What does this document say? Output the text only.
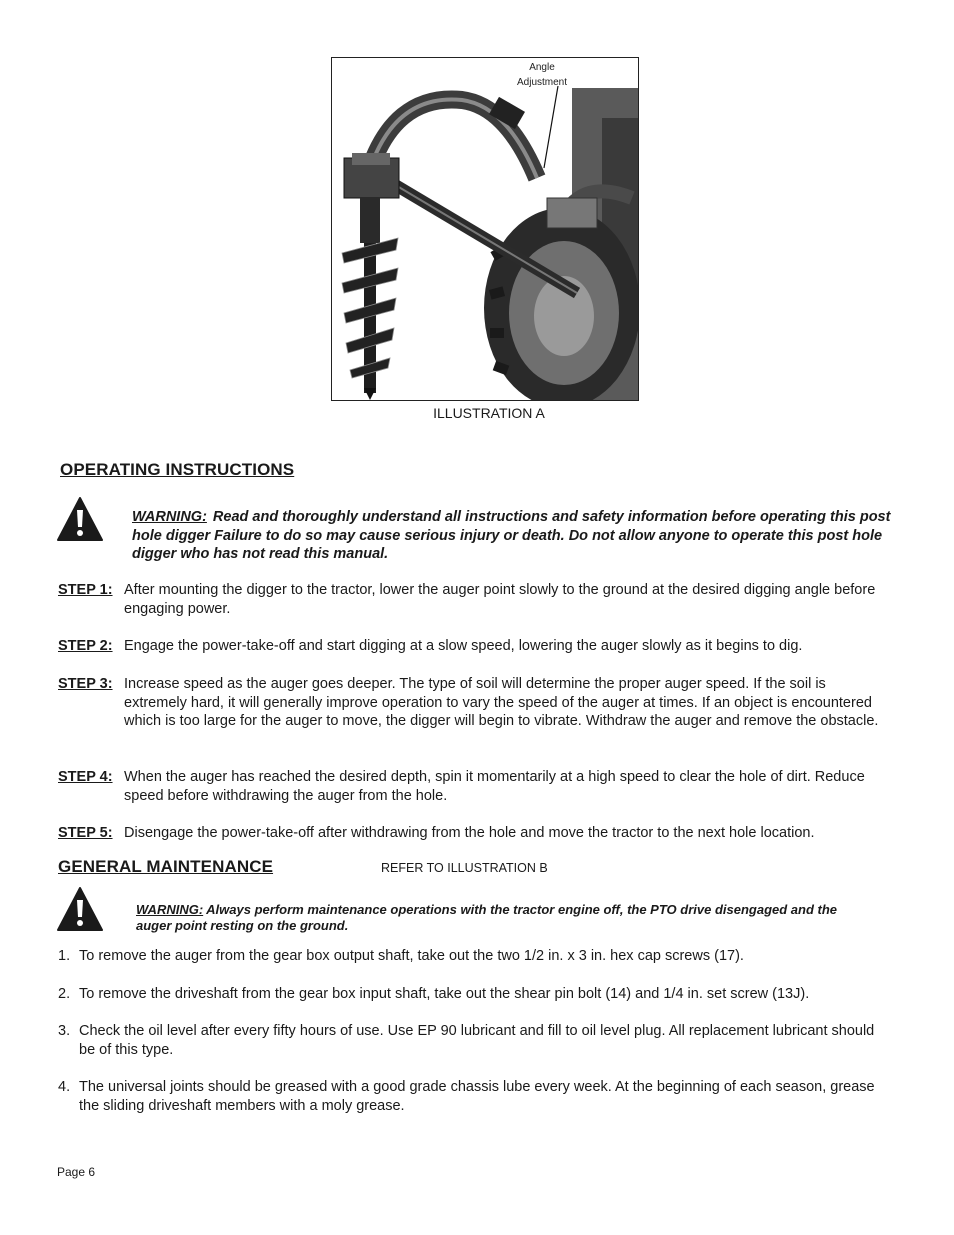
Angle
Adjustment
ILLUSTRATION A
OPERATING INSTRUCTIONS
WARNING: Read and thoroughly understand all instructions and safety information before operating this post hole digger Failure to do so may cause serious injury or death. Do not allow anyone to operate this post hole digger who has not read this manual.
STEP 1: After mounting the digger to the tractor, lower the auger point slowly to the ground at the desired digging angle before engaging power.
STEP 2: Engage the power-take-off and start digging at a slow speed, lowering the auger slowly as it begins to dig.
STEP 3: Increase speed as the auger goes deeper. The type of soil will determine the proper auger speed. If the soil is extremely hard, it will generally improve operation to vary the speed of the auger at times. If an object is encountered which is too large for the auger to move, the digger will begin to vibrate. Withdraw the auger and remove the obstacle.
STEP 4: When the auger has reached the desired depth, spin it momentarily at a high speed to clear the hole of dirt. Reduce speed before withdrawing the auger from the hole.
STEP 5: Disengage the power-take-off after withdrawing from the hole and move the tractor to the next hole location.
GENERAL MAINTENANCE	REFER TO ILLUSTRATION B
WARNING: Always perform maintenance operations with the tractor engine off, the PTO drive disengaged and the auger point resting on the ground.
1. To remove the auger from the gear box output shaft, take out the two 1/2 in. x 3 in. hex cap screws (17).
2. To remove the driveshaft from the gear box input shaft, take out the shear pin bolt (14) and 1/4 in. set screw (13J).
3. Check the oil level after every fifty hours of use. Use EP 90 lubricant and fill to oil level plug. All replacement lubricant should be of this type.
4. The universal joints should be greased with a good grade chassis lube every week. At the beginning of each season, grease the sliding driveshaft members with a moly grease.
Page 6
